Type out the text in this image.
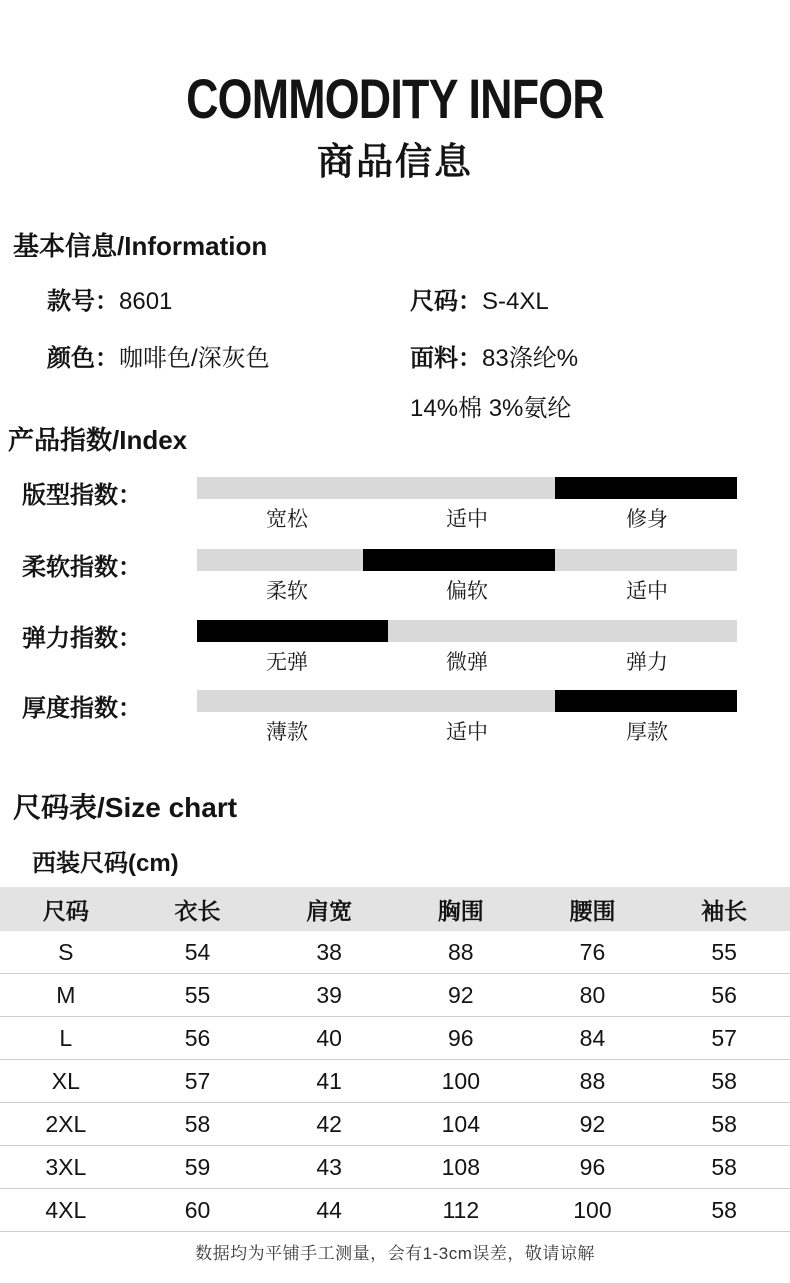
COMMODITY INFOR
商品信息
基本信息/Information
款号：8601	尺码：S-4XL
颜色：咖啡色/深灰色	面料：83涤纶%
14%棉 3%氨纶
产品指数/Index
版型指数：
宽松	适中	修身
柔软指数：
柔软	偏软	适中
弹力指数：
无弹	微弹	弹力
厚度指数：
薄款	适中	厚款
尺码表/Size chart
西装尺码(cm)
尺码	衣长	肩宽	胸围	腰围	袖长
S	54	38	88	76	55
M	55	39	92	80	56
L	56	40	96	84	57
XL	57	41	100	88	58
2XL	58	42	104	92	58
3XL	59	43	108	96	58
4XL	60	44	112	100	58
数据均为平铺手工测量，会有1-3cm误差，敬请谅解
